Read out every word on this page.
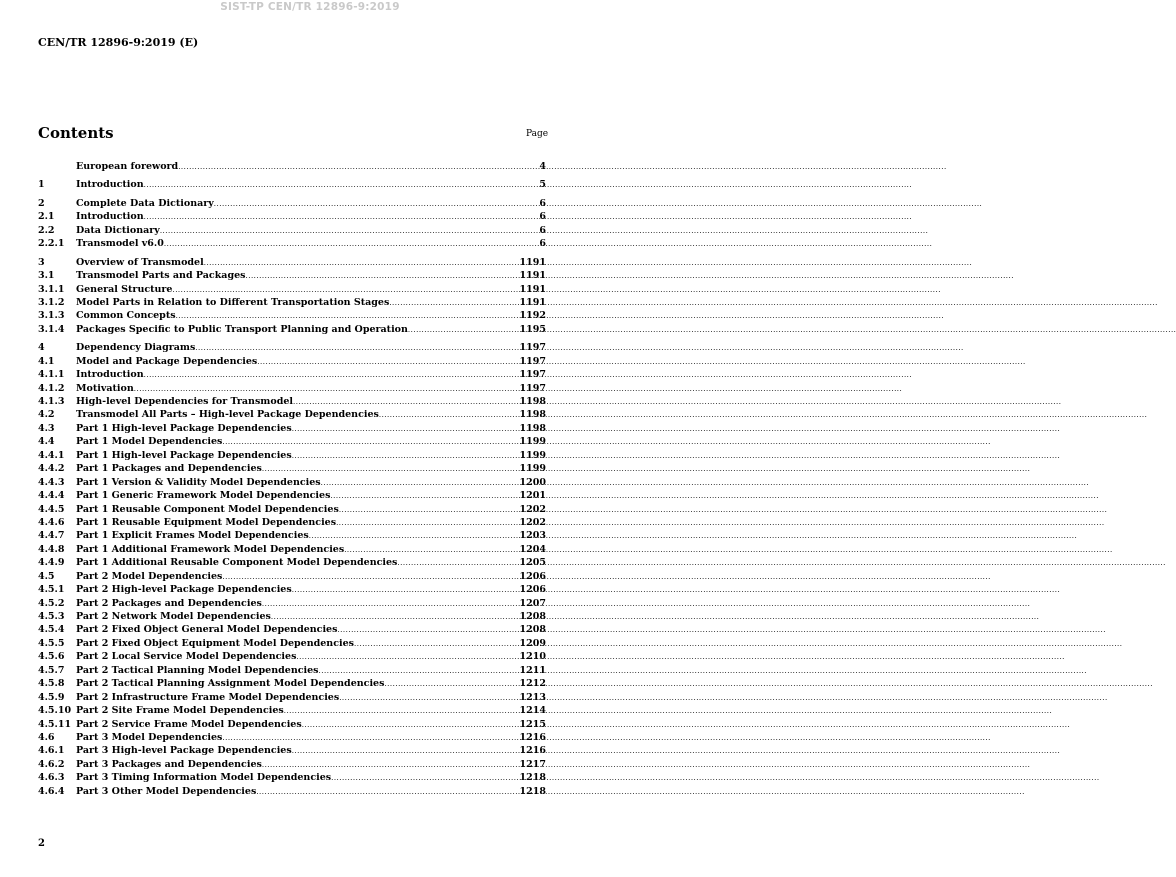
SIST-TP CEN/TR 12896-9:2019
CEN/TR 12896-9:2019 (E)
Contents	Page
European foreword .....	4
1	Introduction .....	5
2	Complete Data Dictionary .....	6
2.1	Introduction .....	6
2.2	Data Dictionary .....	6
2.2.1	Transmodel v6.0 .....	6
3	Overview of Transmodel .....	1191
3.1	Transmodel Parts and Packages .....	1191
3.1.1	General Structure .....	1191
3.1.2	Model Parts in Relation to Different Transportation Stages .....	1191
3.1.3	Common Concepts .....	1192
3.1.4	Packages Specific to Public Transport Planning and Operation .....	1195
4	Dependency Diagrams .....	1197
4.1	Model and Package Dependencies .....	1197
4.1.1	Introduction .....	1197
4.1.2	Motivation .....	1197
4.1.3	High-level Dependencies for Transmodel .....	1198
4.2	Transmodel All Parts – High-level Package Dependencies .....	1198
4.3	Part 1 High-level Package Dependencies .....	1198
4.4	Part 1 Model Dependencies .....	1199
4.4.1	Part 1 High-level Package Dependencies .....	1199
4.4.2	Part 1 Packages and Dependencies .....	1199
4.4.3	Part 1 Version & Validity Model Dependencies .....	1200
4.4.4	Part 1 Generic Framework Model Dependencies .....	1201
4.4.5	Part 1 Reusable Component Model Dependencies .....	1202
4.4.6	Part 1 Reusable Equipment Model Dependencies .....	1202
4.4.7	Part 1 Explicit Frames Model Dependencies .....	1203
4.4.8	Part 1 Additional Framework Model Dependencies .....	1204
4.4.9	Part 1 Additional Reusable Component Model Dependencies .....	1205
4.5	Part 2 Model Dependencies .....	1206
4.5.1	Part 2 High-level Package Dependencies .....	1206
4.5.2	Part 2 Packages and Dependencies .....	1207
4.5.3	Part 2 Network Model Dependencies .....	1208
4.5.4	Part 2 Fixed Object General Model Dependencies .....	1208
4.5.5	Part 2 Fixed Object Equipment Model Dependencies .....	1209
4.5.6	Part 2 Local Service Model Dependencies .....	1210
4.5.7	Part 2 Tactical Planning Model Dependencies .....	1211
4.5.8	Part 2 Tactical Planning Assignment Model Dependencies .....	1212
4.5.9	Part 2 Infrastructure Frame Model Dependencies .....	1213
4.5.10 Part 2 Site Frame Model Dependencies .....	1214
4.5.11 Part 2 Service Frame Model Dependencies .....	1215
4.6	Part 3 Model Dependencies .....	1216
4.6.1	Part 3 High-level Package Dependencies .....	1216
4.6.2	Part 3 Packages and Dependencies .....	1217
4.6.3	Part 3 Timing Information Model Dependencies .....	1218
4.6.4	Part 3 Other Model Dependencies .....	1218
2
